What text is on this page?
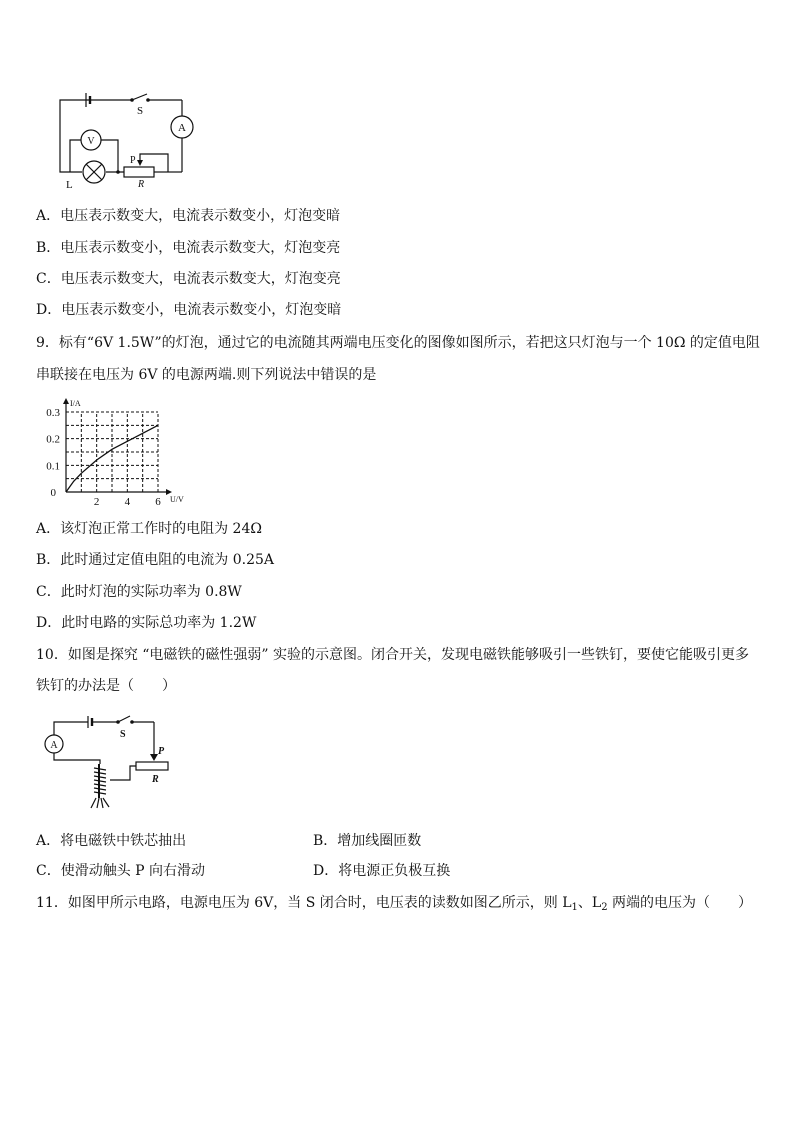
A
V
S
L
P
R
A．电压表示数变大，电流表示数变小，灯泡变暗
B．电压表示数变小，电流表示数变大，灯泡变亮
C．电压表示数变大，电流表示数变大，灯泡变亮
D．电压表示数变小，电流表示数变小，灯泡变暗
9．标有“6V 1.5W”的灯泡，通过它的电流随其两端电压变化的图像如图所示，若把这只灯泡与一个 10Ω 的定值电阻
串联接在电压为 6V 的电源两端.则下列说法中错误的是
2 4 6
0.3
0.2
0.1
0
I/A
U/V
A．该灯泡正常工作时的电阻为 24Ω
B．此时通过定值电阻的电流为 0.25A
C．此时灯泡的实际功率为 0.8W
D．此时电路的实际总功率为 1.2W
10．如图是探究 “电磁铁的磁性强弱” 实验的示意图。闭合开关，发现电磁铁能够吸引一些铁钉，要使它能吸引更多
铁钉的办法是（　　）
A
S
P
R
A．将电磁铁中铁芯抽出	B．增加线圈匝数
C．使滑动触头 P 向右滑动	D．将电源正负极互换
11．如图甲所示电路，电源电压为 6V，当 S 闭合时，电压表的读数如图乙所示，则 $L_1$、$L_2$ 两端的电压为（　　）
